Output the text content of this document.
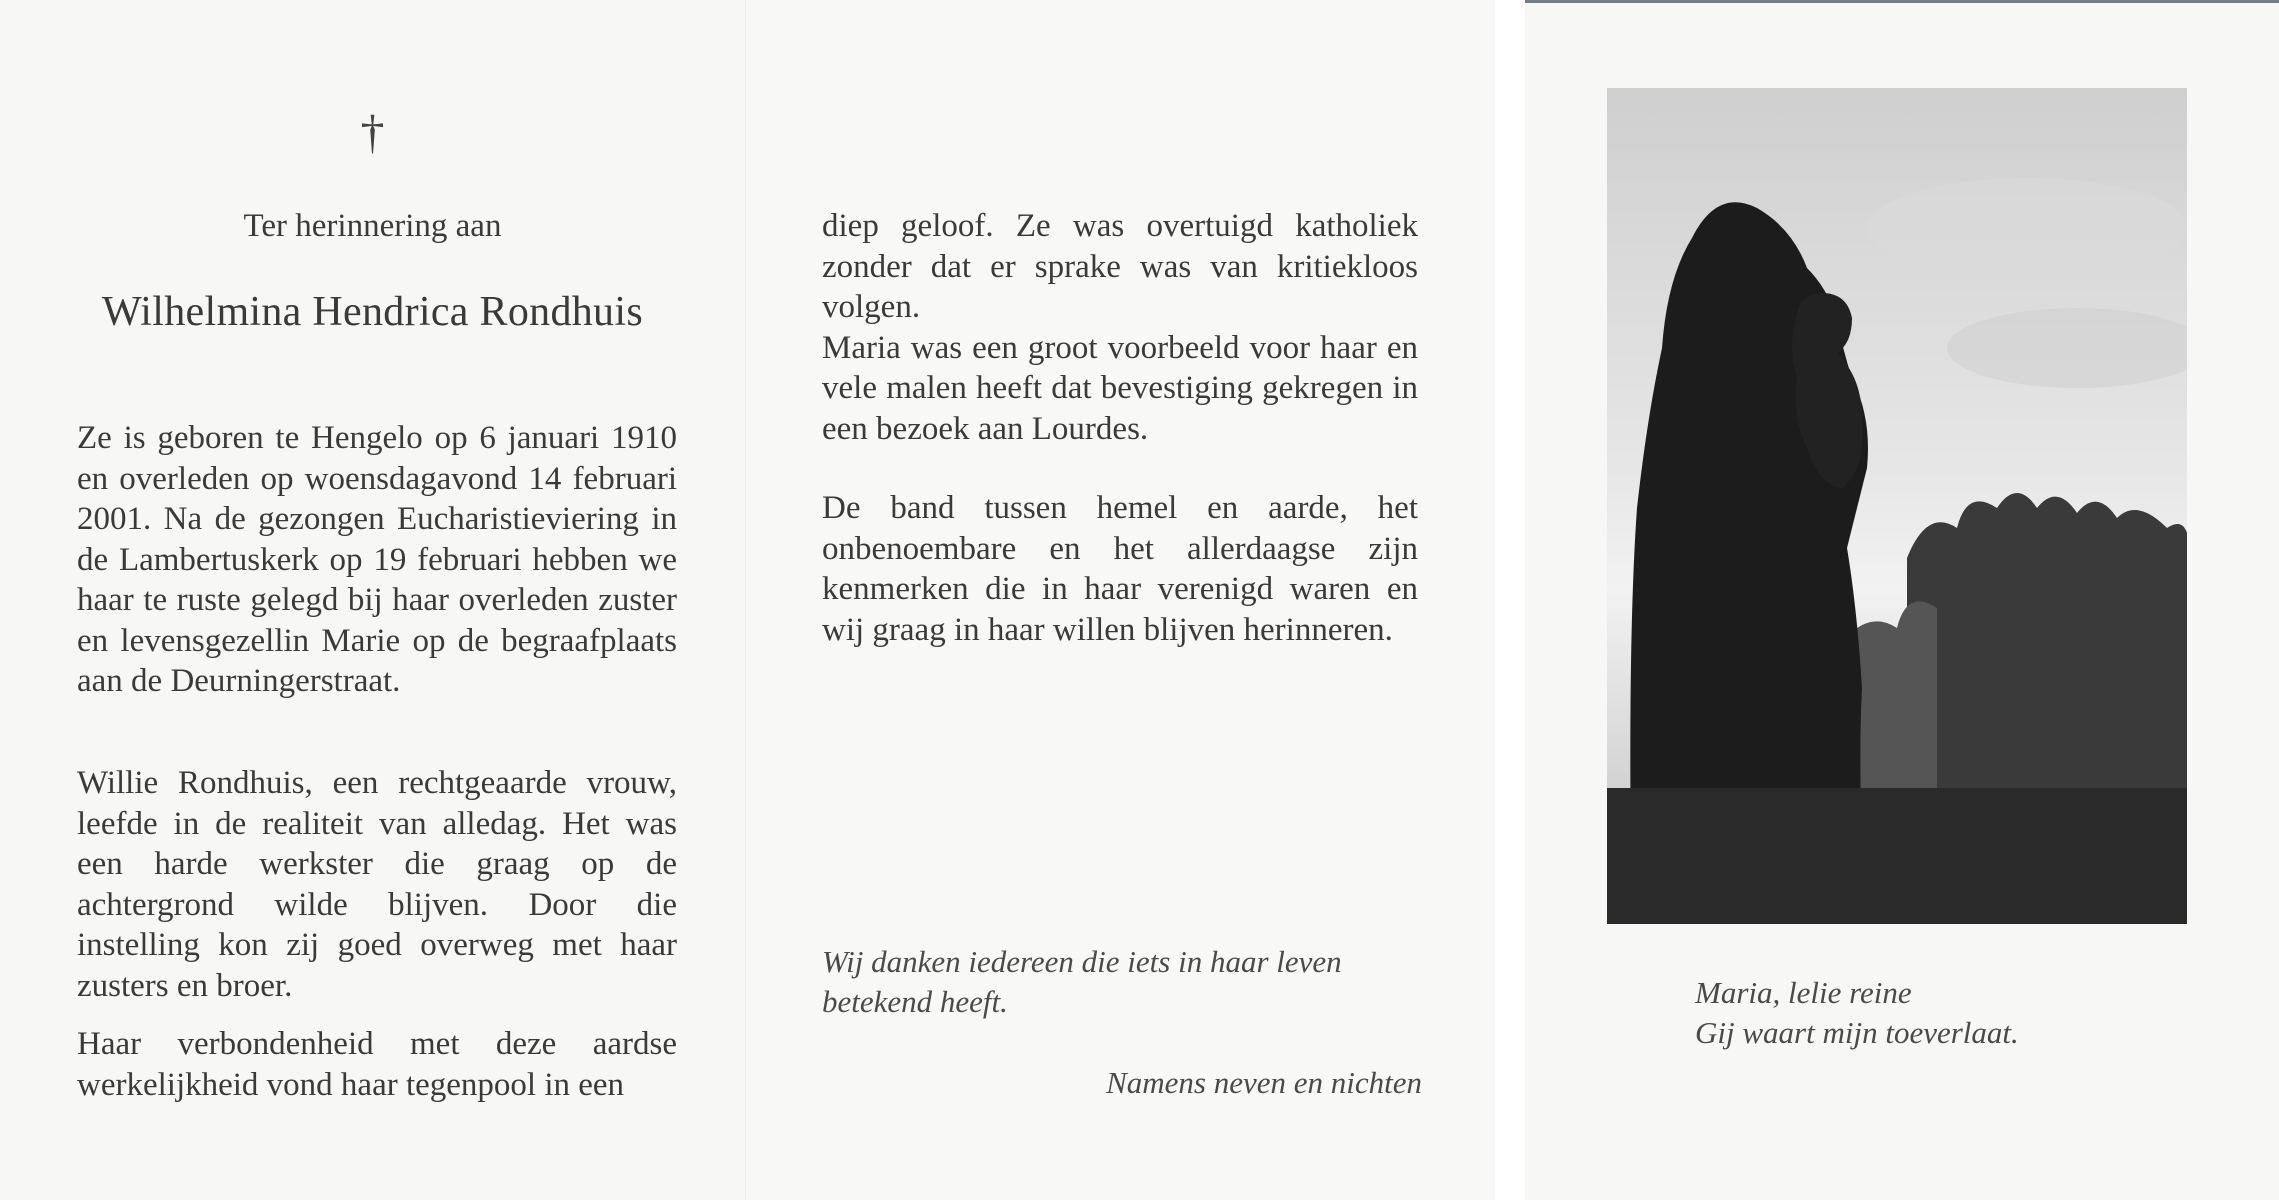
†
Ter herinnering aan
Wilhelmina Hendrica Rondhuis

Ze is geboren te Hengelo op 6 januari 1910 en overleden op woensdagavond 14 februari 2001. Na de gezongen Eucharistieviering in de Lambertuskerk op 19 februari hebben we haar te ruste gelegd bij haar overleden zuster en levensgezellin Marie op de begraafplaats aan de Deurningerstraat.

Willie Rondhuis, een rechtgeaarde vrouw, leefde in de realiteit van alledag. Het was een harde werkster die graag op de achtergrond wilde blijven. Door die instelling kon zij goed overweg met haar zusters en broer.

Haar verbondenheid met deze aardse werkelijkheid vond haar tegenpool in een

diep geloof. Ze was overtuigd katholiek zonder dat er sprake was van kritiekloos volgen.
Maria was een groot voorbeeld voor haar en vele malen heeft dat bevestiging gekregen in een bezoek aan Lourdes.

De band tussen hemel en aarde, het onbenoembare en het allerdaagse zijn kenmerken die in haar verenigd waren en wij graag in haar willen blijven herinneren.

Wij danken iedereen die iets in haar leven betekend heeft.

Namens neven en nichten

Maria, lelie reine
Gij waart mijn toeverlaat.
